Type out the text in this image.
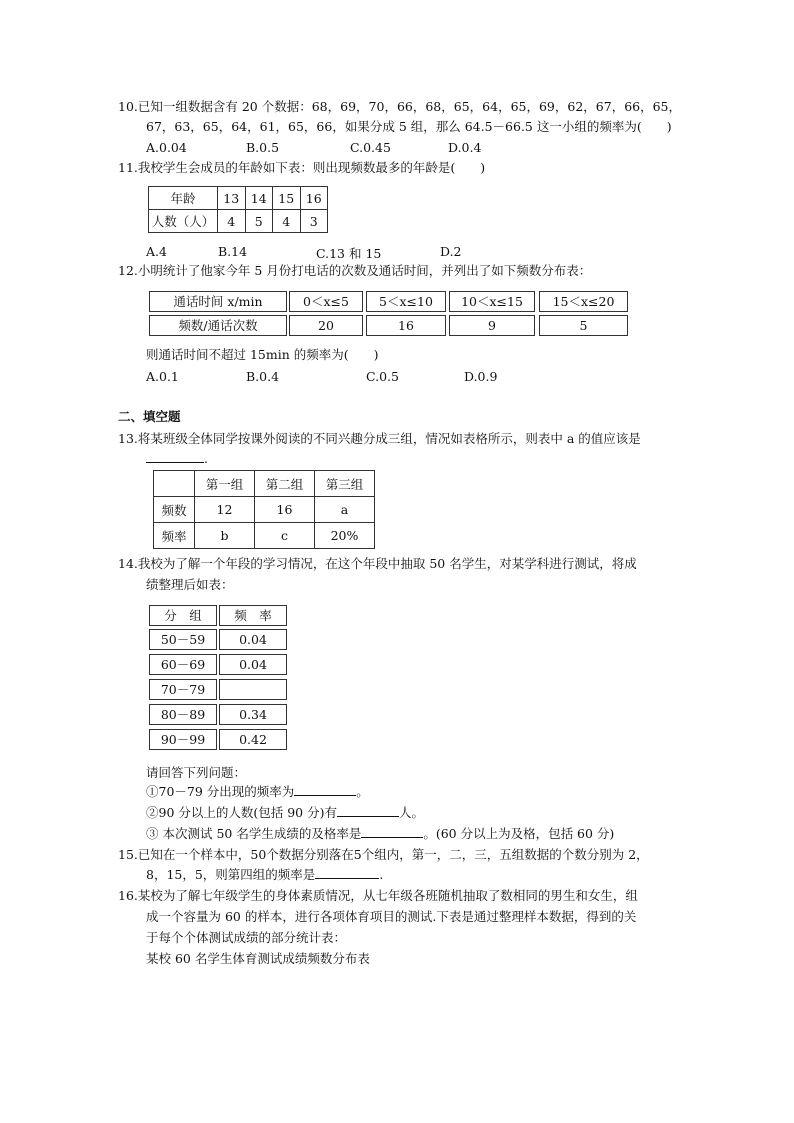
10.已知一组数据含有 20 个数据：68，69，70，66，68，65，64，65，69，62，67，66，65，
67，63，65，64，61，65，66，如果分成 5 组，那么 64.5－66.5 这一小组的频率为(　　)
A.0.04	B.0.5	C.0.45	D.0.4
11.我校学生会成员的年龄如下表：则出现频数最多的年龄是(　　)
年龄	13	14	15	16
人数（人）	4	5	4	3
A.4	B.14	C.13 和 15	D.2
12.小明统计了他家今年 5 月份打电话的次数及通话时间，并列出了如下频数分布表：
通话时间 x/min	0＜x≤5	5＜x≤10	10＜x≤15	15＜x≤20
频数/通话次数	20	16	9	5
则通话时间不超过 15min 的频率为(　　)
A.0.1	B.0.4	C.0.5	D.0.9
二、填空题
13.将某班级全体同学按课外阅读的不同兴趣分成三组，情况如表格所示，则表中 a 的值应该是
.
	第一组	第二组	第三组
频数	12	16	a
频率	b	c	20%
14.我校为了解一个年段的学习情况，在这个年段中抽取 50 名学生，对某学科进行测试，将成
绩整理后如表：
分　组	频　率
50－59	0.04
60－69	0.04
70－79
80－89	0.34
90－99	0.42
请回答下列问题：
①70－79 分出现的频率为	。
②90 分以上的人数(包括 90 分)有	人。
③ 本次测试 50 名学生成绩的及格率是	。(60 分以上为及格，包括 60 分)
15.已知在一个样本中，50个数据分别落在5个组内，第一，二，三，五组数据的个数分别为 2，
8，15，5，则第四组的频率是	.
16.某校为了解七年级学生的身体素质情况，从七年级各班随机抽取了数相同的男生和女生，组
成一个容量为 60 的样本，进行各项体育项目的测试.下表是通过整理样本数据，得到的关
于每个个体测试成绩的部分统计表：
某校 60 名学生体育测试成绩频数分布表
